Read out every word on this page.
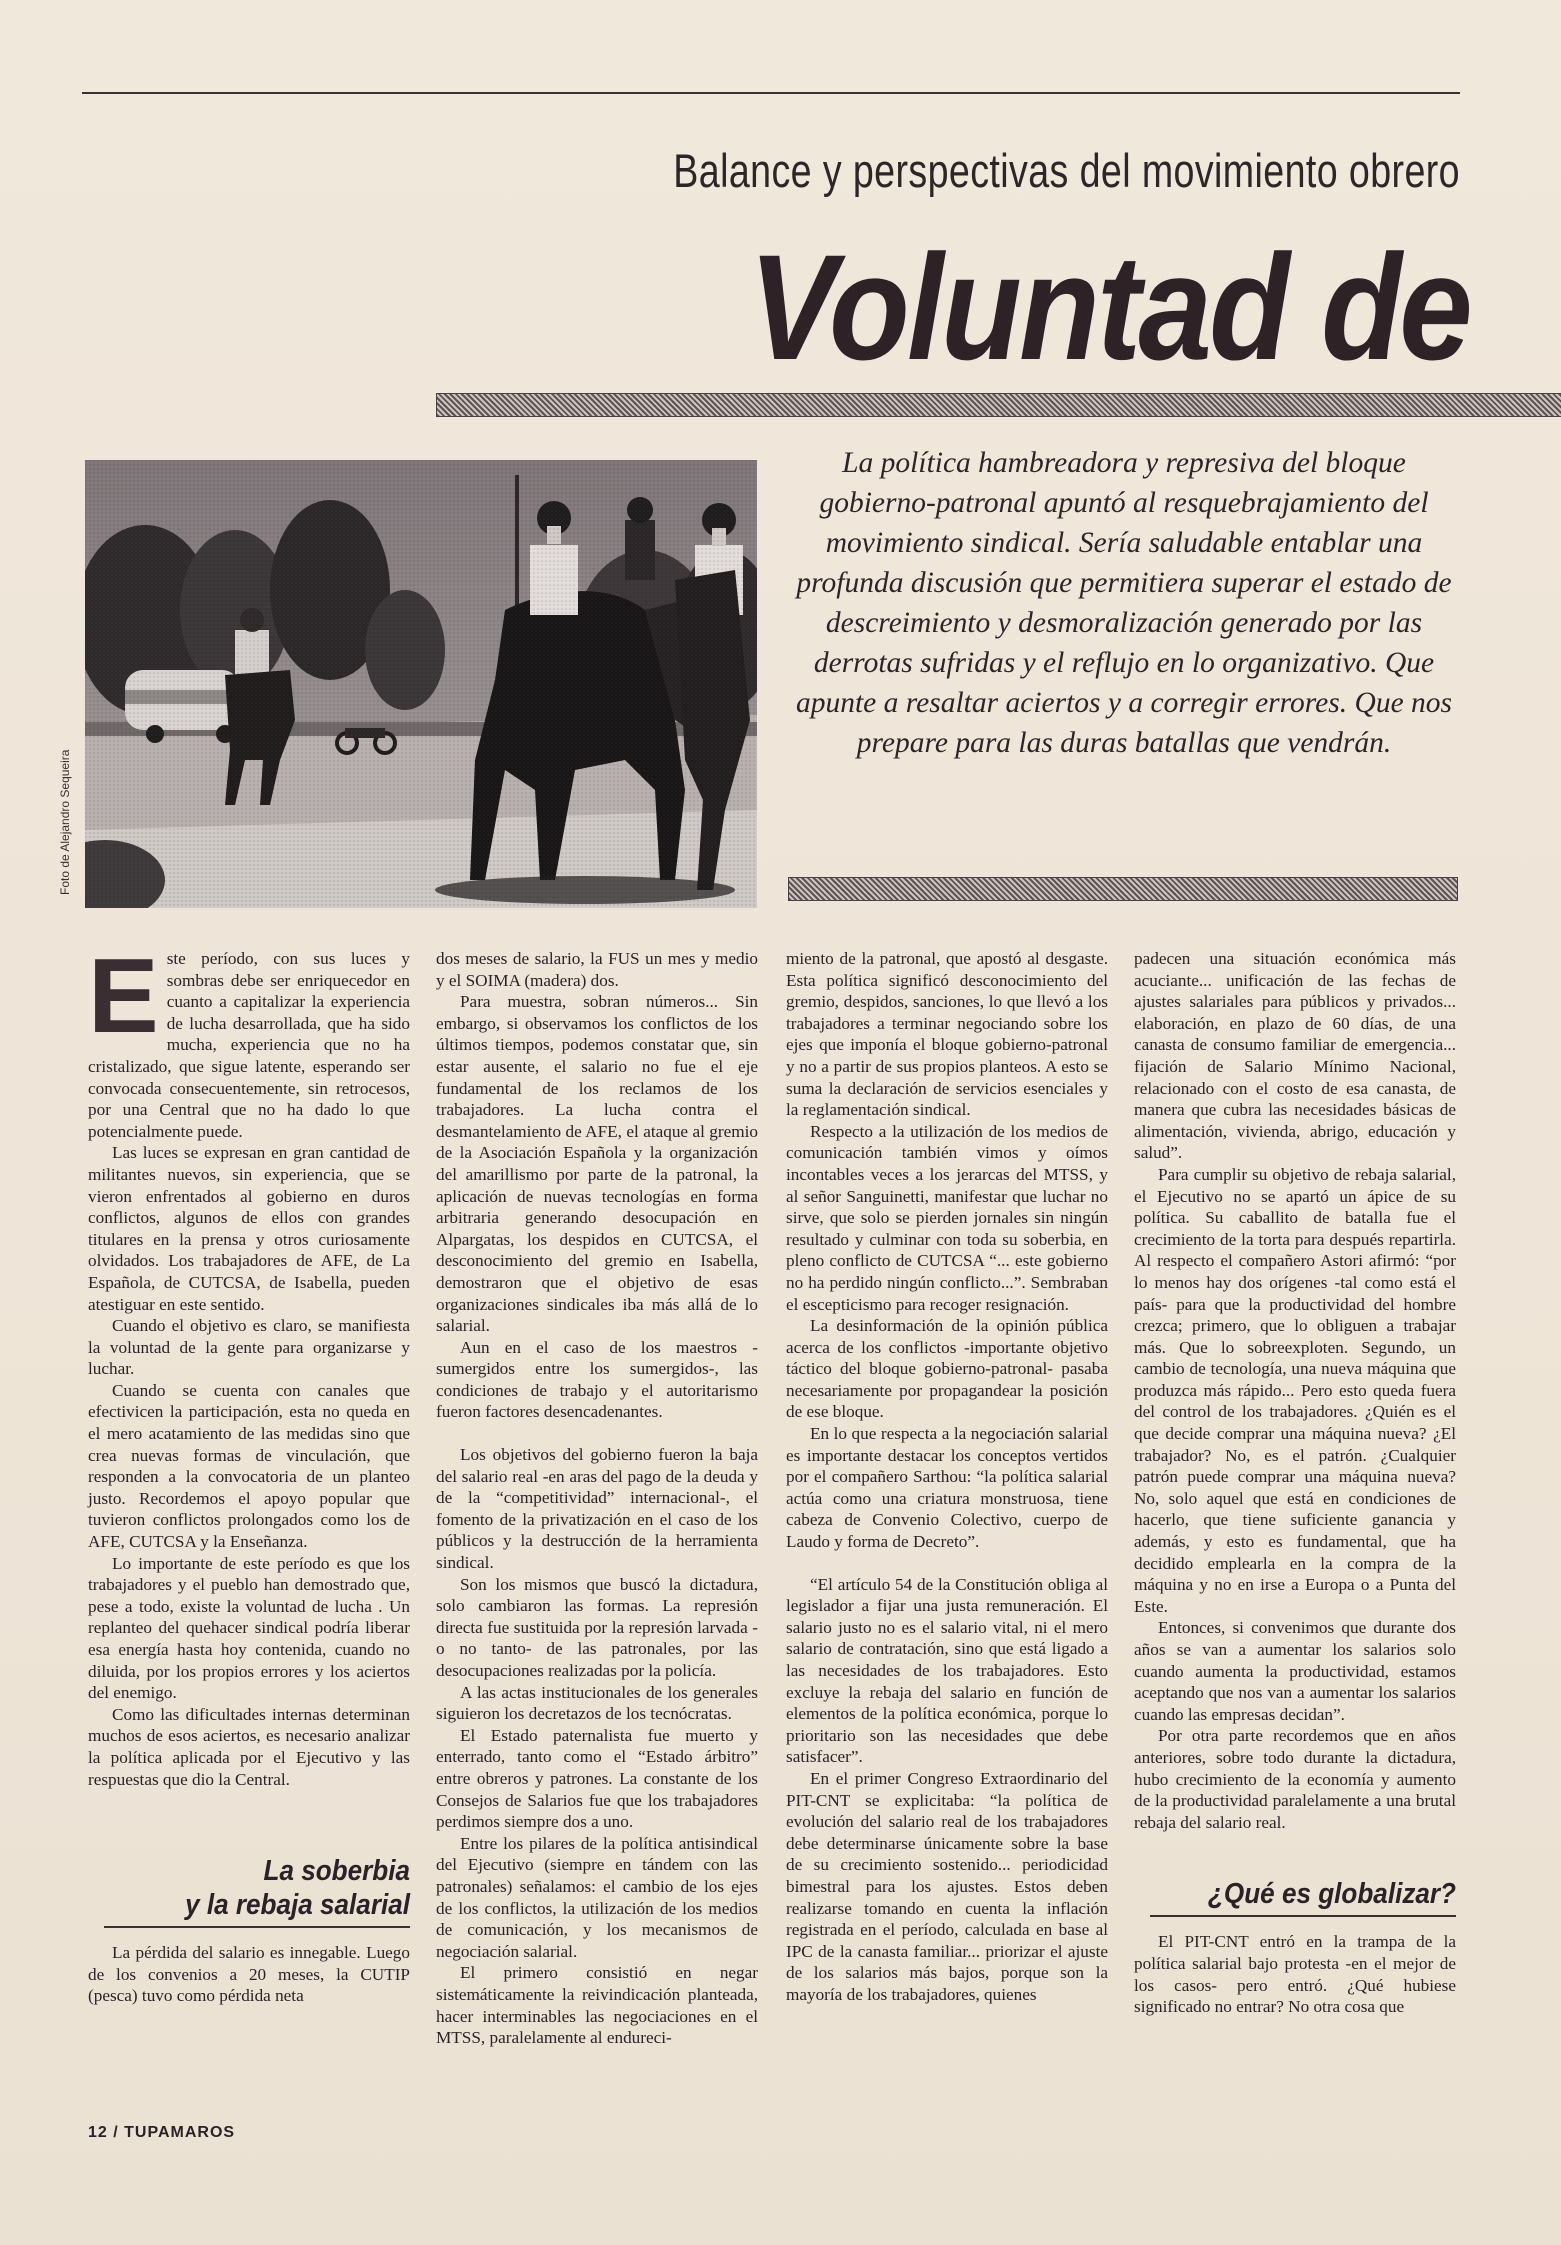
Balance y perspectivas del movimiento obrero
Voluntad de
Foto de Alejandro Sequeira
La política hambreadora y represiva del bloque gobierno-patronal apuntó al resquebrajamiento del movimiento sindical. Sería saludable entablar una profunda discusión que permitiera superar el estado de descreimiento y desmoralización generado por las derrotas sufridas y el reflujo en lo organizativo. Que apunte a resaltar aciertos y a corregir errores. Que nos prepare para las duras batallas que vendrán.

Este período, con sus luces y sombras debe ser enriquecedor en cuanto a capitalizar la experiencia de lucha desarrollada, que ha sido mucha, experiencia que no ha cristalizado, que sigue latente, esperando ser convocada consecuentemente, sin retrocesos, por una Central que no ha dado lo que potencialmente puede.

Las luces se expresan en gran cantidad de militantes nuevos, sin experiencia, que se vieron enfrentados al gobierno en duros conflictos, algunos de ellos con grandes titulares en la prensa y otros curiosamente olvidados. Los trabajadores de AFE, de La Española, de CUTCSA, de Isabella, pueden atestiguar en este sentido.

Cuando el objetivo es claro, se manifiesta la voluntad de la gente para organizarse y luchar.

Cuando se cuenta con canales que efectivicen la participación, esta no queda en el mero acatamiento de las medidas sino que crea nuevas formas de vinculación, que responden a la convocatoria de un planteo justo. Recordemos el apoyo popular que tuvieron conflictos prolongados como los de AFE, CUTCSA y la Enseñanza.

Lo importante de este período es que los trabajadores y el pueblo han demostrado que, pese a todo, existe la voluntad de lucha . Un replanteo del quehacer sindical podría liberar esa energía hasta hoy contenida, cuando no diluida, por los propios errores y los aciertos del enemigo.

Como las dificultades internas determinan muchos de esos aciertos, es necesario analizar la política aplicada por el Ejecutivo y las respuestas que dio la Central.

La soberbia

y la rebaja salarial

La pérdida del salario es innegable. Luego de los convenios a 20 meses, la CUTIP (pesca) tuvo como pérdida neta

dos meses de salario, la FUS un mes y medio y el SOIMA (madera) dos.

Para muestra, sobran números... Sin embargo, si observamos los conflictos de los últimos tiempos, podemos constatar que, sin estar ausente, el salario no fue el eje fundamental de los reclamos de los trabajadores. La lucha contra el desmantelamiento de AFE, el ataque al gremio de la Asociación Española y la organización del amarillismo por parte de la patronal, la aplicación de nuevas tecnologías en forma arbitraria generando desocupación en Alpargatas, los despidos en CUTCSA, el desconocimiento del gremio en Isabella, demostraron que el objetivo de esas organizaciones sindicales iba más allá de lo salarial.

Aun en el caso de los maestros -sumergidos entre los sumergidos-, las condiciones de trabajo y el autoritarismo fueron factores desencadenantes.

Los objetivos del gobierno fueron la baja del salario real -en aras del pago de la deuda y de la “competitividad” internacional-, el fomento de la privatización en el caso de los públicos y la destrucción de la herramienta sindical.

Son los mismos que buscó la dictadura, solo cambiaron las formas. La represión directa fue sustituida por la represión larvada -o no tanto- de las patronales, por las desocupaciones realizadas por la policía.

A las actas institucionales de los generales siguieron los decretazos de los tecnócratas.

El Estado paternalista fue muerto y enterrado, tanto como el “Estado árbitro” entre obreros y patrones. La constante de los Consejos de Salarios fue que los trabajadores perdimos siempre dos a uno.

Entre los pilares de la política antisindical del Ejecutivo (siempre en tándem con las patronales) señalamos: el cambio de los ejes de los conflictos, la utilización de los medios de comunicación, y los mecanismos de negociación salarial.

El primero consistió en negar sistemáticamente la reivindicación planteada, hacer interminables las negociaciones en el MTSS, paralelamente al endureci-

miento de la patronal, que apostó al desgaste. Esta política significó desconocimiento del gremio, despidos, sanciones, lo que llevó a los trabajadores a terminar negociando sobre los ejes que imponía el bloque gobierno-patronal y no a partir de sus propios planteos. A esto se suma la declaración de servicios esenciales y la reglamentación sindical.

Respecto a la utilización de los medios de comunicación también vimos y oímos incontables veces a los jerarcas del MTSS, y al señor Sanguinetti, manifestar que luchar no sirve, que solo se pierden jornales sin ningún resultado y culminar con toda su soberbia, en pleno conflicto de CUTCSA “... este gobierno no ha perdido ningún conflicto...”. Sembraban el escepticismo para recoger resignación.

La desinformación de la opinión pública acerca de los conflictos -importante objetivo táctico del bloque gobierno-patronal- pasaba necesariamente por propagandear la posición de ese bloque.

En lo que respecta a la negociación salarial es importante destacar los conceptos vertidos por el compañero Sarthou: “la política salarial actúa como una criatura monstruosa, tiene cabeza de Convenio Colectivo, cuerpo de Laudo y forma de Decreto”.

“El artículo 54 de la Constitución obliga al legislador a fijar una justa remuneración. El salario justo no es el salario vital, ni el mero salario de contratación, sino que está ligado a las necesidades de los trabajadores. Esto excluye la rebaja del salario en función de elementos de la política económica, porque lo prioritario son las necesidades que debe satisfacer”.

En el primer Congreso Extraordinario del PIT-CNT se explicitaba: “la política de evolución del salario real de los trabajadores debe determinarse únicamente sobre la base de su crecimiento sostenido... periodicidad bimestral para los ajustes. Estos deben realizarse tomando en cuenta la inflación registrada en el período, calculada en base al IPC de la canasta familiar... priorizar el ajuste de los salarios más bajos, porque son la mayoría de los trabajadores, quienes

padecen una situación económica más acuciante... unificación de las fechas de ajustes salariales para públicos y privados... elaboración, en plazo de 60 días, de una canasta de consumo familiar de emergencia... fijación de Salario Mínimo Nacional, relacionado con el costo de esa canasta, de manera que cubra las necesidades básicas de alimentación, vivienda, abrigo, educación y salud”.

Para cumplir su objetivo de rebaja salarial, el Ejecutivo no se apartó un ápice de su política. Su caballito de batalla fue el crecimiento de la torta para después repartirla. Al respecto el compañero Astori afirmó: “por lo menos hay dos orígenes -tal como está el país- para que la productividad del hombre crezca; primero, que lo obliguen a trabajar más. Que lo sobreexploten. Segundo, un cambio de tecnología, una nueva máquina que produzca más rápido... Pero esto queda fuera del control de los trabajadores. ¿Quién es el que decide comprar una máquina nueva? ¿El trabajador? No, es el patrón. ¿Cualquier patrón puede comprar una máquina nueva? No, solo aquel que está en condiciones de hacerlo, que tiene suficiente ganancia y además, y esto es fundamental, que ha decidido emplearla en la compra de la máquina y no en irse a Europa o a Punta del Este.

Entonces, si convenimos que durante dos años se van a aumentar los salarios solo cuando aumenta la productividad, estamos aceptando que nos van a aumentar los salarios cuando las empresas decidan”.

Por otra parte recordemos que en años anteriores, sobre todo durante la dictadura, hubo crecimiento de la economía y aumento de la productividad paralelamente a una brutal rebaja del salario real.

¿Qué es globalizar?

El PIT-CNT entró en la trampa de la política salarial bajo protesta -en el mejor de los casos- pero entró. ¿Qué hubiese significado no entrar? No otra cosa que

12 / TUPAMAROS
